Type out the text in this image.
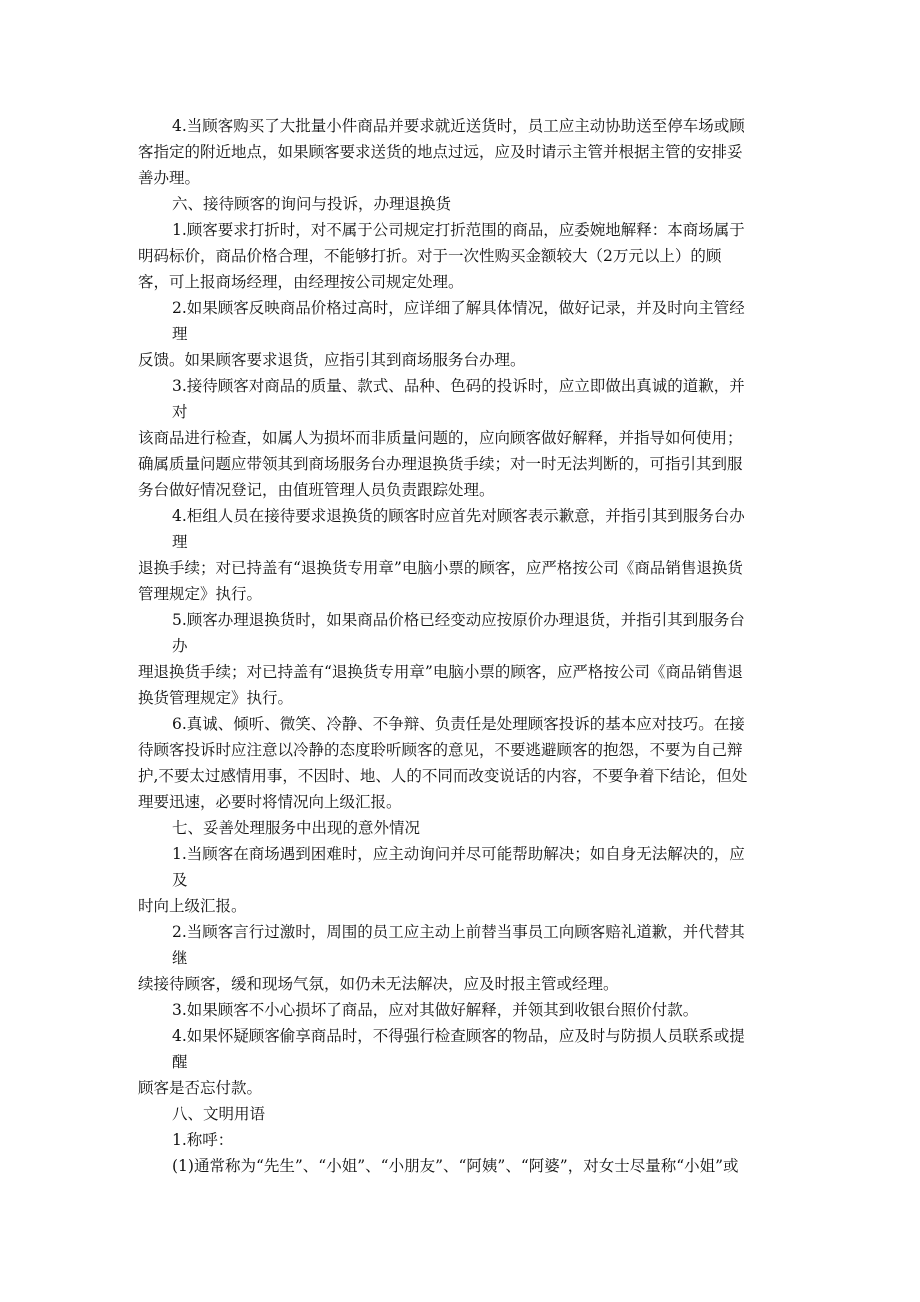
4.当顾客购买了大批量小件商品并要求就近送货时，员工应主动协助送至停车场或顾
客指定的附近地点，如果顾客要求送货的地点过远，应及时请示主管并根据主管的安排妥
善办理。
六、接待顾客的询问与投诉，办理退换货
1.顾客要求打折时，对不属于公司规定打折范围的商品，应委婉地解释：本商场属于
明码标价，商品价格合理，不能够打折。对于一次性购买金额较大（2万元以上）的顾
客，可上报商场经理，由经理按公司规定处理。
2.如果顾客反映商品价格过高时，应详细了解具体情况，做好记录，并及时向主管经
理
反馈。如果顾客要求退货，应指引其到商场服务台办理。
3.接待顾客对商品的质量、款式、品种、色码的投诉时，应立即做出真诚的道歉，并
对
该商品进行检查，如属人为损坏而非质量问题的，应向顾客做好解释，并指导如何使用；
确属质量问题应带领其到商场服务台办理退换货手续；对一时无法判断的，可指引其到服
务台做好情况登记，由值班管理人员负责跟踪处理。
4.柜组人员在接待要求退换货的顾客时应首先对顾客表示歉意，并指引其到服务台办
理
退换手续；对已持盖有“退换货专用章”电脑小票的顾客，应严格按公司《商品销售退换货
管理规定》执行。
5.顾客办理退换货时，如果商品价格已经变动应按原价办理退货，并指引其到服务台
办
理退换货手续；对已持盖有“退换货专用章”电脑小票的顾客，应严格按公司《商品销售退
换货管理规定》执行。
6.真诚、倾听、微笑、冷静、不争辩、负责任是处理顾客投诉的基本应对技巧。在接
待顾客投诉时应注意以冷静的态度聆听顾客的意见，不要逃避顾客的抱怨，不要为自己辩
护,不要太过感情用事，不因时、地、人的不同而改变说话的内容，不要争着下结论，但处
理要迅速，必要时将情况向上级汇报。
七、妥善处理服务中出现的意外情况
1.当顾客在商场遇到困难时，应主动询问并尽可能帮助解决；如自身无法解决的，应
及
时向上级汇报。
2.当顾客言行过激时，周围的员工应主动上前替当事员工向顾客赔礼道歉，并代替其
继
续接待顾客，缓和现场气氛，如仍未无法解决，应及时报主管或经理。
3.如果顾客不小心损坏了商品，应对其做好解释，并领其到收银台照价付款。
4.如果怀疑顾客偷享商品时，不得强行检查顾客的物品，应及时与防损人员联系或提
醒
顾客是否忘付款。
八、文明用语
1.称呼：
(1)通常称为“先生”、“小姐”、“小朋友”、“阿姨”、“阿婆”，对女士尽量称“小姐”或
